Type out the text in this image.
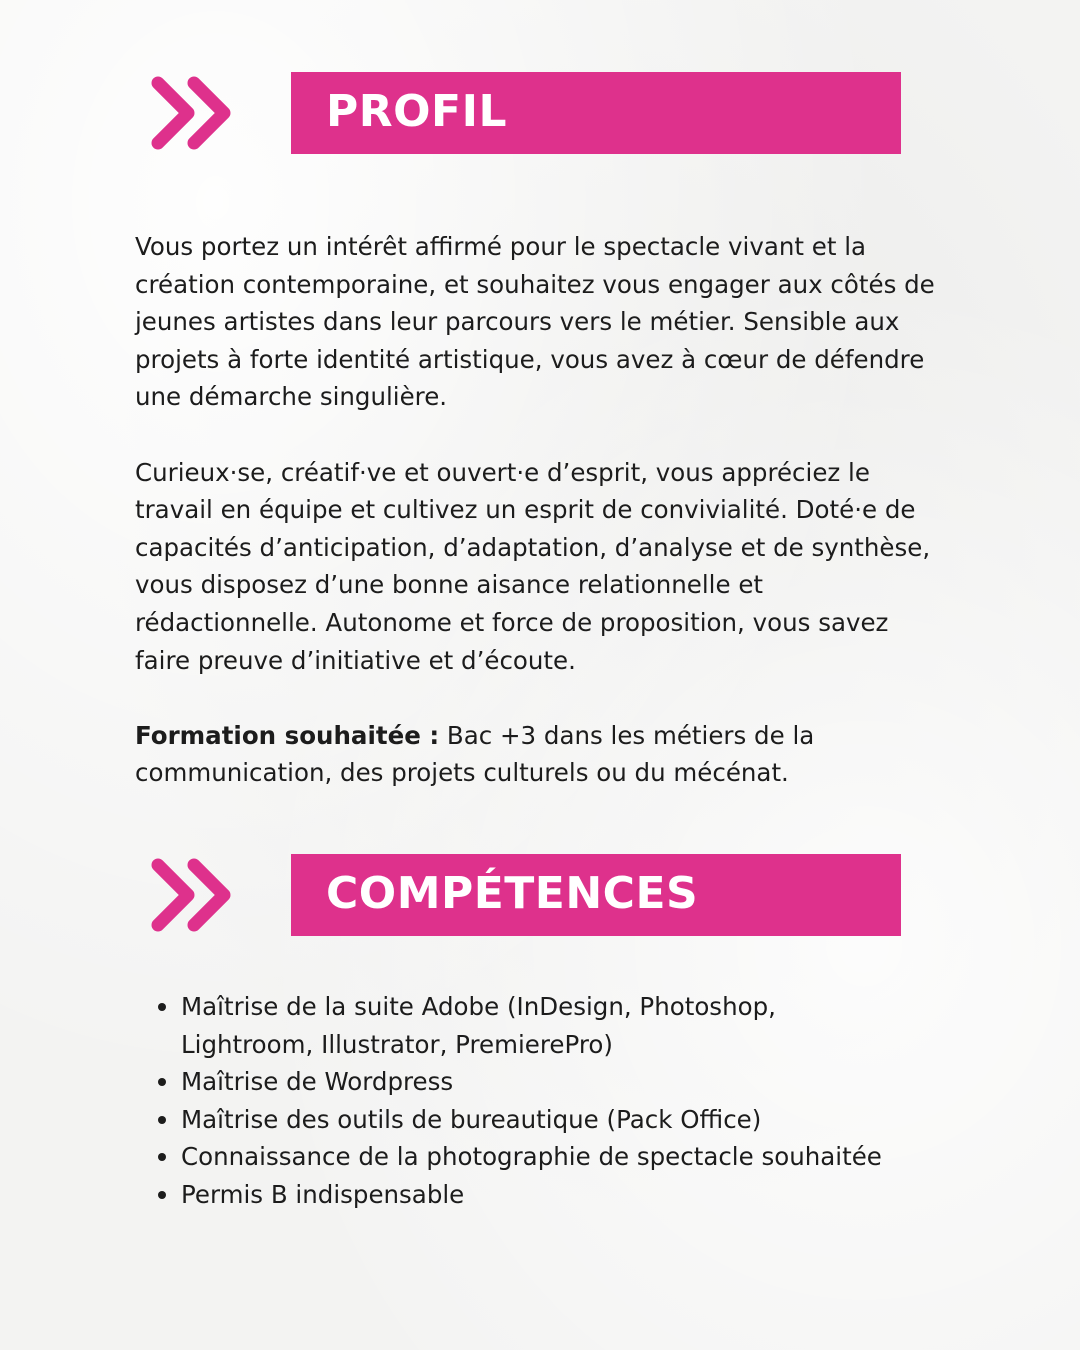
PROFIL

Vous portez un intérêt affirmé pour le spectacle vivant et la création contemporaine, et souhaitez vous engager aux côtés de jeunes artistes dans leur parcours vers le métier. Sensible aux projets à forte identité artistique, vous avez à cœur de défendre une démarche singulière.

Curieux·se, créatif·ve et ouvert·e d’esprit, vous appréciez le travail en équipe et cultivez un esprit de convivialité. Doté·e de capacités d’anticipation, d’adaptation, d’analyse et de synthèse, vous disposez d’une bonne aisance relationnelle et rédactionnelle. Autonome et force de proposition, vous savez faire preuve d’initiative et d’écoute.

Formation souhaitée : Bac +3 dans les métiers de la communication, des projets culturels ou du mécénat.

COMPÉTENCES
Maîtrise de la suite Adobe (InDesign, Photoshop, Lightroom, Illustrator, PremierePro)
Maîtrise de Wordpress
Maîtrise des outils de bureautique (Pack Office)
Connaissance de la photographie de spectacle souhaitée
Permis B indispensable
